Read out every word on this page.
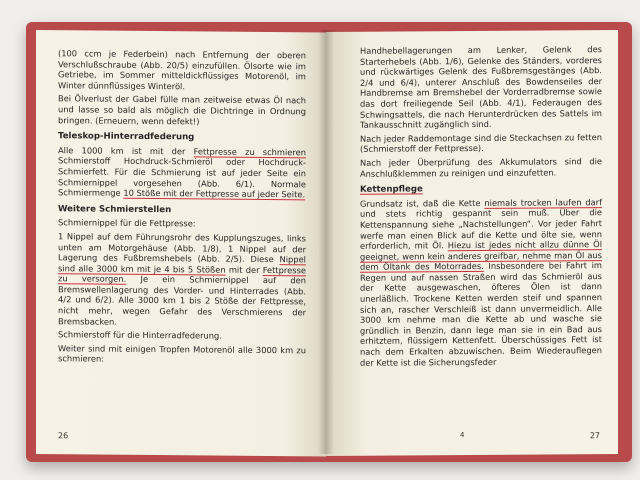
(100 ccm je Federbein) nach Entfernung der oberen Verschlußschraube (Abb. 20/5) einzufüllen. Ölsorte wie im Getriebe, im Sommer mitteldickflüssiges Motorenöl, im Winter dünnflüssiges Winteröl.

Bei Ölverlust der Gabel fülle man zeitweise etwas Öl nach und lasse so bald als möglich die Dichtringe in Ordnung bringen. (Erneuern, wenn defekt!)

Teleskop-Hinterradfederung

Alle 1000 km ist mit der Fettpresse zu schmieren Schmierstoff Hochdruck-Schmieröl oder Hochdruck-Schmierfett. Für die Schmierung ist auf jeder Seite ein Schmiernippel vorgesehen (Abb. 6/1). Normale Schmiermenge 10 Stöße mit der Fettpresse auf jeder Seite.

Weitere Schmierstellen

Schmiernippel für die Fettpresse:

1 Nippel auf dem Führungsrohr des Kupplungszuges, links unten am Motorgehäuse (Abb. 1/8), 1 Nippel auf der Lagerung des Fußbremshebels (Abb. 2/5). Diese Nippel sind alle 3000 km mit je 4 bis 5 Stößen mit der Fettpresse zu versorgen. Je ein Schmiernippel auf den Bremswellenlagerung des Vorder- und Hinterrades (Abb. 4/2 und 6/2). Alle 3000 km 1 bis 2 Stöße der Fettpresse, nicht mehr, wegen Gefahr des Verschmierens der Bremsbacken.

Schmierstoff für die Hinterradfederung.

Weiter sind mit einigen Tropfen Motorenöl alle 3000 km zu schmieren:

26

Handhebellagerungen am Lenker, Gelenk des Starterhebels (Abb. 1/6), Gelenke des Ständers, vorderes und rückwärtiges Gelenk des Fußbremsgestänges (Abb. 2/4 und 6/4), unterer Anschluß des Bowdenseiles der Handbremse am Bremshebel der Vorderradbremse sowie das dort freiliegende Seil (Abb. 4/1), Federaugen des Schwingsattels, die nach Herunterdrücken des Sattels im Tankausschnitt zugänglich sind.

Nach jeder Raddemontage sind die Steckachsen zu fetten (Schmierstoff der Fettpresse).

Nach jeder Überprüfung des Akkumulators sind die Anschlußklemmen zu reinigen und einzufetten.

Kettenpflege

Grundsatz ist, daß die Kette niemals trocken laufen darf und stets richtig gespannt sein muß. Über die Kettenspannung siehe „Nachstellungen“. Vor jeder Fahrt werfe man einen Blick auf die Kette und ölte sie, wenn erforderlich, mit Öl. Hiezu ist jedes nicht allzu dünne Öl geeignet, wenn kein anderes greifbar, nehme man Öl aus dem Öltank des Motorrades. Insbesondere bei Fahrt im Regen und auf nassen Straßen wird das Schmieröl aus der Kette ausgewaschen, öfteres Ölen ist dann unerläßlich. Trockene Ketten werden steif und spannen sich an, rascher Verschleiß ist dann unvermeidlich. Alle 3000 km nehme man die Kette ab und wasche sie gründlich in Benzin, dann lege man sie in ein Bad aus erhitztem, flüssigem Kettenfett. Überschüssiges Fett ist nach dem Erkalten abzuwischen. Beim Wiederauflegen der Kette ist die Sicherungsfeder

4	27
